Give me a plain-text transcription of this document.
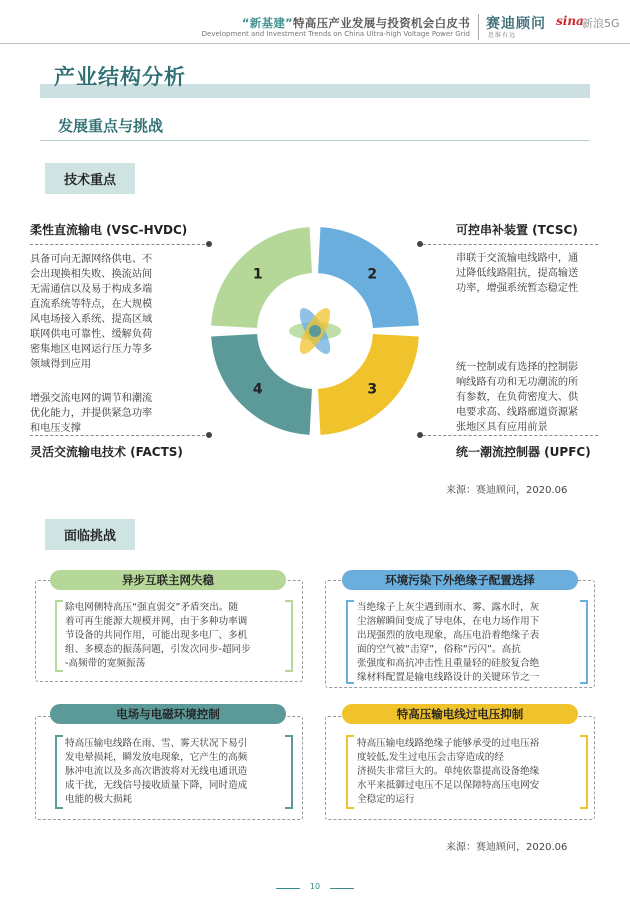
“新基建”特高压产业发展与投资机会白皮书
Development and Investment Trends on China Ultra-high Voltage Power Grid
赛迪顾问
思维有远
sina
新浪5G
产业结构分析
发展重点与挑战
技术重点
1	2
3
4
柔性直流输电 (VSC-HVDC)
具备可向无源网络供电、不
会出现换相失败、换流站间
无需通信以及易于构成多端
直流系统等特点，在大规模
风电场接入系统、提高区域
联网供电可靠性、缓解负荷
密集地区电网运行压力等多
领域得到应用
增强交流电网的调节和潮流
优化能力，并提供紧急功率
和电压支撑
灵活交流输电技术 (FACTS)
可控串补装置 (TCSC)
串联于交流输电线路中，通
过降低线路阻抗，提高输送
功率，增强系统暂态稳定性
统一控制或有选择的控制影
响线路有功和无功潮流的所
有参数，在负荷密度大、供
电要求高、线路廊道资源紧
张地区具有应用前景
统一潮流控制器 (UPFC)
来源：赛迪顾问，2020.06
面临挑战
异步互联主网失稳
除电网侧特高压“强直弱交”矛盾突出。随
着可再生能源大规模并网，由于多种功率调
节设备的共同作用，可能出现多电厂、多机
组、多模态的振荡问题，引发次同步-超同步
-高频带的宽频振荡
环境污染下外绝缘子配置选择
当绝缘子上灰尘遇到雨水、雾、露水时，灰
尘溶解瞬间变成了导电体，在电力场作用下
出现强烈的放电现象，高压电沿着绝缘子表
面的空气被“击穿”，俗称“污闪”。高抗
张强度和高抗冲击性且重量轻的硅胶复合绝
缘材料配置是输电线路设计的关键环节之一
电场与电磁环境控制
特高压输电线路在雨、雪、雾天状况下易引
发电晕损耗，瞬发放电现象，它产生的高频
脉冲电流以及多高次谐波将对无线电通讯造
成干扰，无线信号接收质量下降，同时造成
电能的极大损耗
特高压输电线过电压抑制
特高压输电线路绝缘子能够承受的过电压裕
度较低,发生过电压会击穿造成的经
济损失非常巨大的。单纯依靠提高设备绝缘
水平来抵御过电压不足以保障特高压电网安
全稳定的运行
来源：赛迪顾问，2020.06
10
